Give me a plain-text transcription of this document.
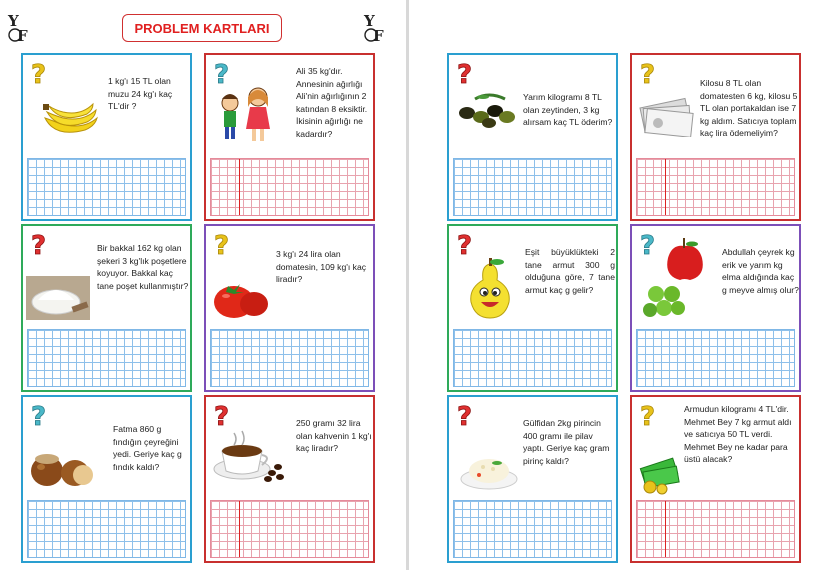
Y
F
Y
F
PROBLEM KARTLARI
?	1 kg'ı 15 TL olan muzu 24 kg'ı kaç TL'dir ?
?	Ali 35 kg'dır. Annesinin ağırlığı Ali'nin ağırlığının 2 katından 8 eksiktir. İkisinin ağırlığı ne kadardır?
?	Bir bakkal 162 kg olan şekeri 3 kg'lık poşetlere koyuyor. Bakkal kaç tane poşet kullanmıştır?
?	3 kg'ı 24 lira olan domatesin, 109 kg'ı kaç liradır?
?	Fatma 860 g fındığın çeyreğini yedi. Geriye kaç g fındık kaldı?
?	250 gramı 32 lira olan kahvenin 1 kg'ı kaç liradır?
?
Yarım kilogramı 8 TL olan zeytinden, 3 kg alırsam kaç TL öderim?
?	Kilosu 8 TL olan domatesten 6 kg, kilosu 5 TL olan portakaldan ise 7 kg aldım. Satıcıya toplam kaç lira ödemeliyim?
?	Eşit büyüklükteki 2 tane armut 300 g olduğuna göre, 7 tane armut kaç g gelir?
?	Abdullah çeyrek kg erik ve yarım kg elma aldığında kaç g meyve almış olur?
?	Gülfidan 2kg pirincin 400 gramı ile pilav yaptı. Geriye kaç gram pirinç kaldı?
?	Armudun kilogramı 4 TL'dir. Mehmet Bey 7 kg armut aldı ve satıcıya 50 TL verdi. Mehmet Bey ne kadar para üstü alacak?
